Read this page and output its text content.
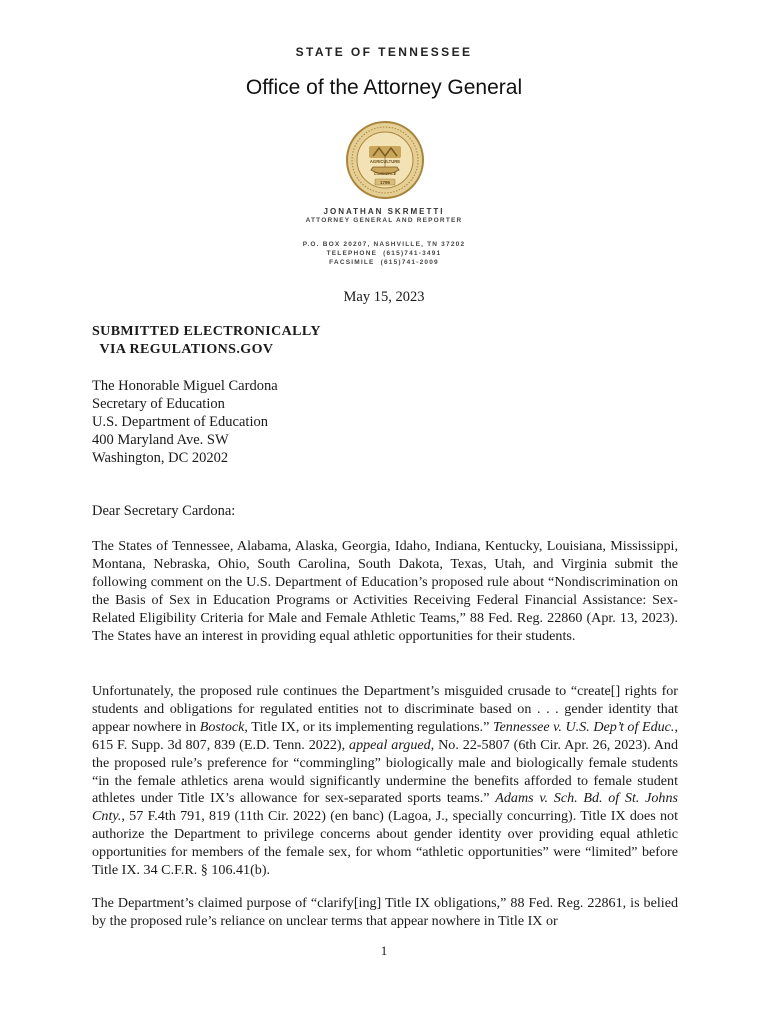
STATE OF TENNESSEE
Office of the Attorney General
AGRICULTURE
COMMERCE
1796
JONATHAN SKRMETTI
ATTORNEY GENERAL AND REPORTER
P.O. BOX 20207, NASHVILLE, TN 37202
TELEPHONE  (615)741-3491
FACSIMILE  (615)741-2009
May 15, 2023
SUBMITTED ELECTRONICALLY
VIA REGULATIONS.GOV
The Honorable Miguel Cardona
Secretary of Education
U.S. Department of Education
400 Maryland Ave. SW
Washington, DC 20202
Dear Secretary Cardona:

The States of Tennessee, Alabama, Alaska, Georgia, Idaho, Indiana, Kentucky, Louisiana, Mississippi, Montana, Nebraska, Ohio, South Carolina, South Dakota, Texas, Utah, and Virginia submit the following comment on the U.S. Department of Education’s proposed rule about “Nondiscrimination on the Basis of Sex in Education Programs or Activities Receiving Federal Financial Assistance: Sex-Related Eligibility Criteria for Male and Female Athletic Teams,” 88 Fed. Reg. 22860 (Apr. 13, 2023). The States have an interest in providing equal athletic opportunities for their students.

Unfortunately, the proposed rule continues the Department’s misguided crusade to “create[] rights for students and obligations for regulated entities not to discriminate based on . . . gender identity that appear nowhere in Bostock, Title IX, or its implementing regulations.” Tennessee v. U.S. Dep’t of Educ., 615 F. Supp. 3d 807, 839 (E.D. Tenn. 2022), appeal argued, No. 22-5807 (6th Cir. Apr. 26, 2023). And the proposed rule’s preference for “commingling” biologically male and biologically female students “in the female athletics arena would significantly undermine the benefits afforded to female student athletes under Title IX’s allowance for sex-separated sports teams.” Adams v. Sch. Bd. of St. Johns Cnty., 57 F.4th 791, 819 (11th Cir. 2022) (en banc) (Lagoa, J., specially concurring). Title IX does not authorize the Department to privilege concerns about gender identity over providing equal athletic opportunities for members of the female sex, for whom “athletic opportunities” were “limited” before Title IX. 34 C.F.R. § 106.41(b).

The Department’s claimed purpose of “clarify[ing] Title IX obligations,” 88 Fed. Reg. 22861, is belied by the proposed rule’s reliance on unclear terms that appear nowhere in Title IX or

1
